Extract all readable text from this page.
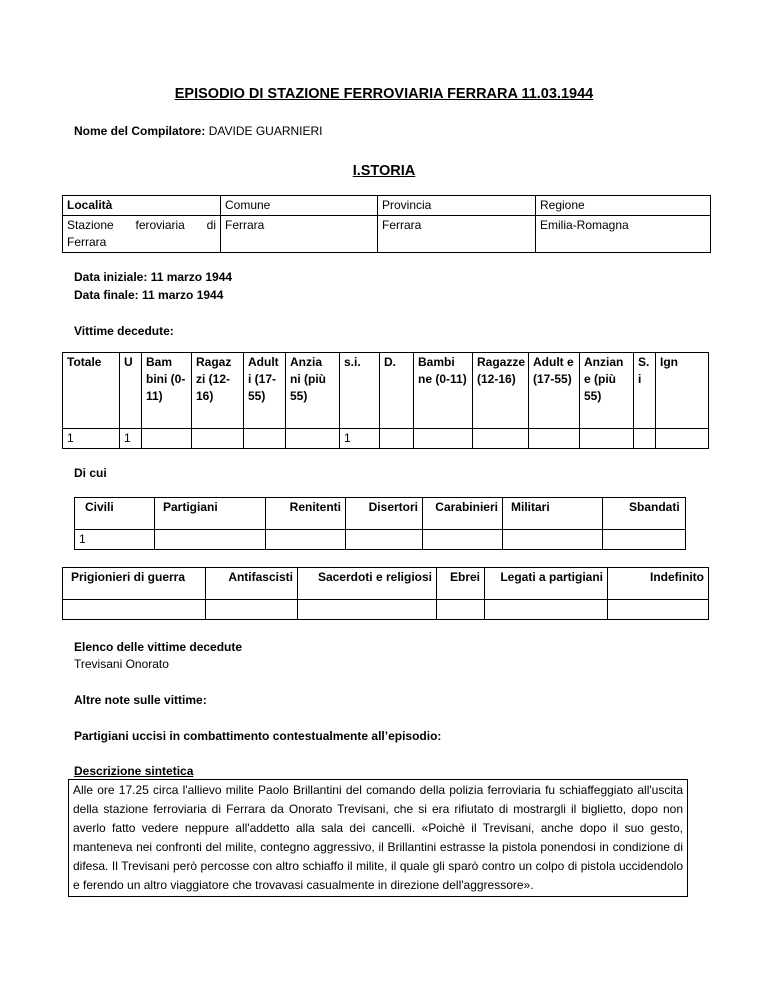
EPISODIO DI STAZIONE FERROVIARIA FERRARA 11.03.1944
Nome del Compilatore: DAVIDE GUARNIERI
I.STORIA
Località	Comune	Provincia	Regione
Stazione feroviaria di Ferrara	Ferrara	Ferrara	Emilia-Romagna
Data iniziale: 11 marzo 1944
Data finale: 11 marzo 1944
Vittime decedute:
Totale	U	Bam bini (0-11)	Ragaz zi (12-16)	Adult i (17-55)	Anzia ni (più 55)	s.i.	D.	Bambi ne (0-11)	Ragazze (12-16)	Adult e (17-55)	Anzian e (più 55)	S. i	Ign
1	1					1							
Di cui
Civili	Partigiani	Renitenti	Disertori	Carabinieri	Militari	Sbandati
1						
Prigionieri di guerra	Antifascisti	Sacerdoti e religiosi	Ebrei	Legati a partigiani	Indefinito

Elenco delle vittime decedute
Trevisani Onorato
Altre note sulle vittime:
Partigiani uccisi in combattimento contestualmente all’episodio:
Descrizione sintetica
Alle ore 17.25 circa l'allievo milite Paolo Brillantini del comando della polizia ferroviaria fu schiaffeggiato all'uscita della stazione ferroviaria di Ferrara da Onorato Trevisani, che si era rifiutato di mostrargli il biglietto, dopo non averlo fatto vedere neppure all'addetto alla sala dei cancelli. «Poichè il Trevisani, anche dopo il suo gesto, manteneva nei confronti del milite, contegno aggressivo, il Brillantini estrasse la pistola ponendosi in condizione di difesa. Il Trevisani però percosse con altro schiaffo il milite, il quale gli sparò contro un colpo di pistola uccidendolo e ferendo un altro viaggiatore che trovavasi casualmente in direzione dell'aggressore».
